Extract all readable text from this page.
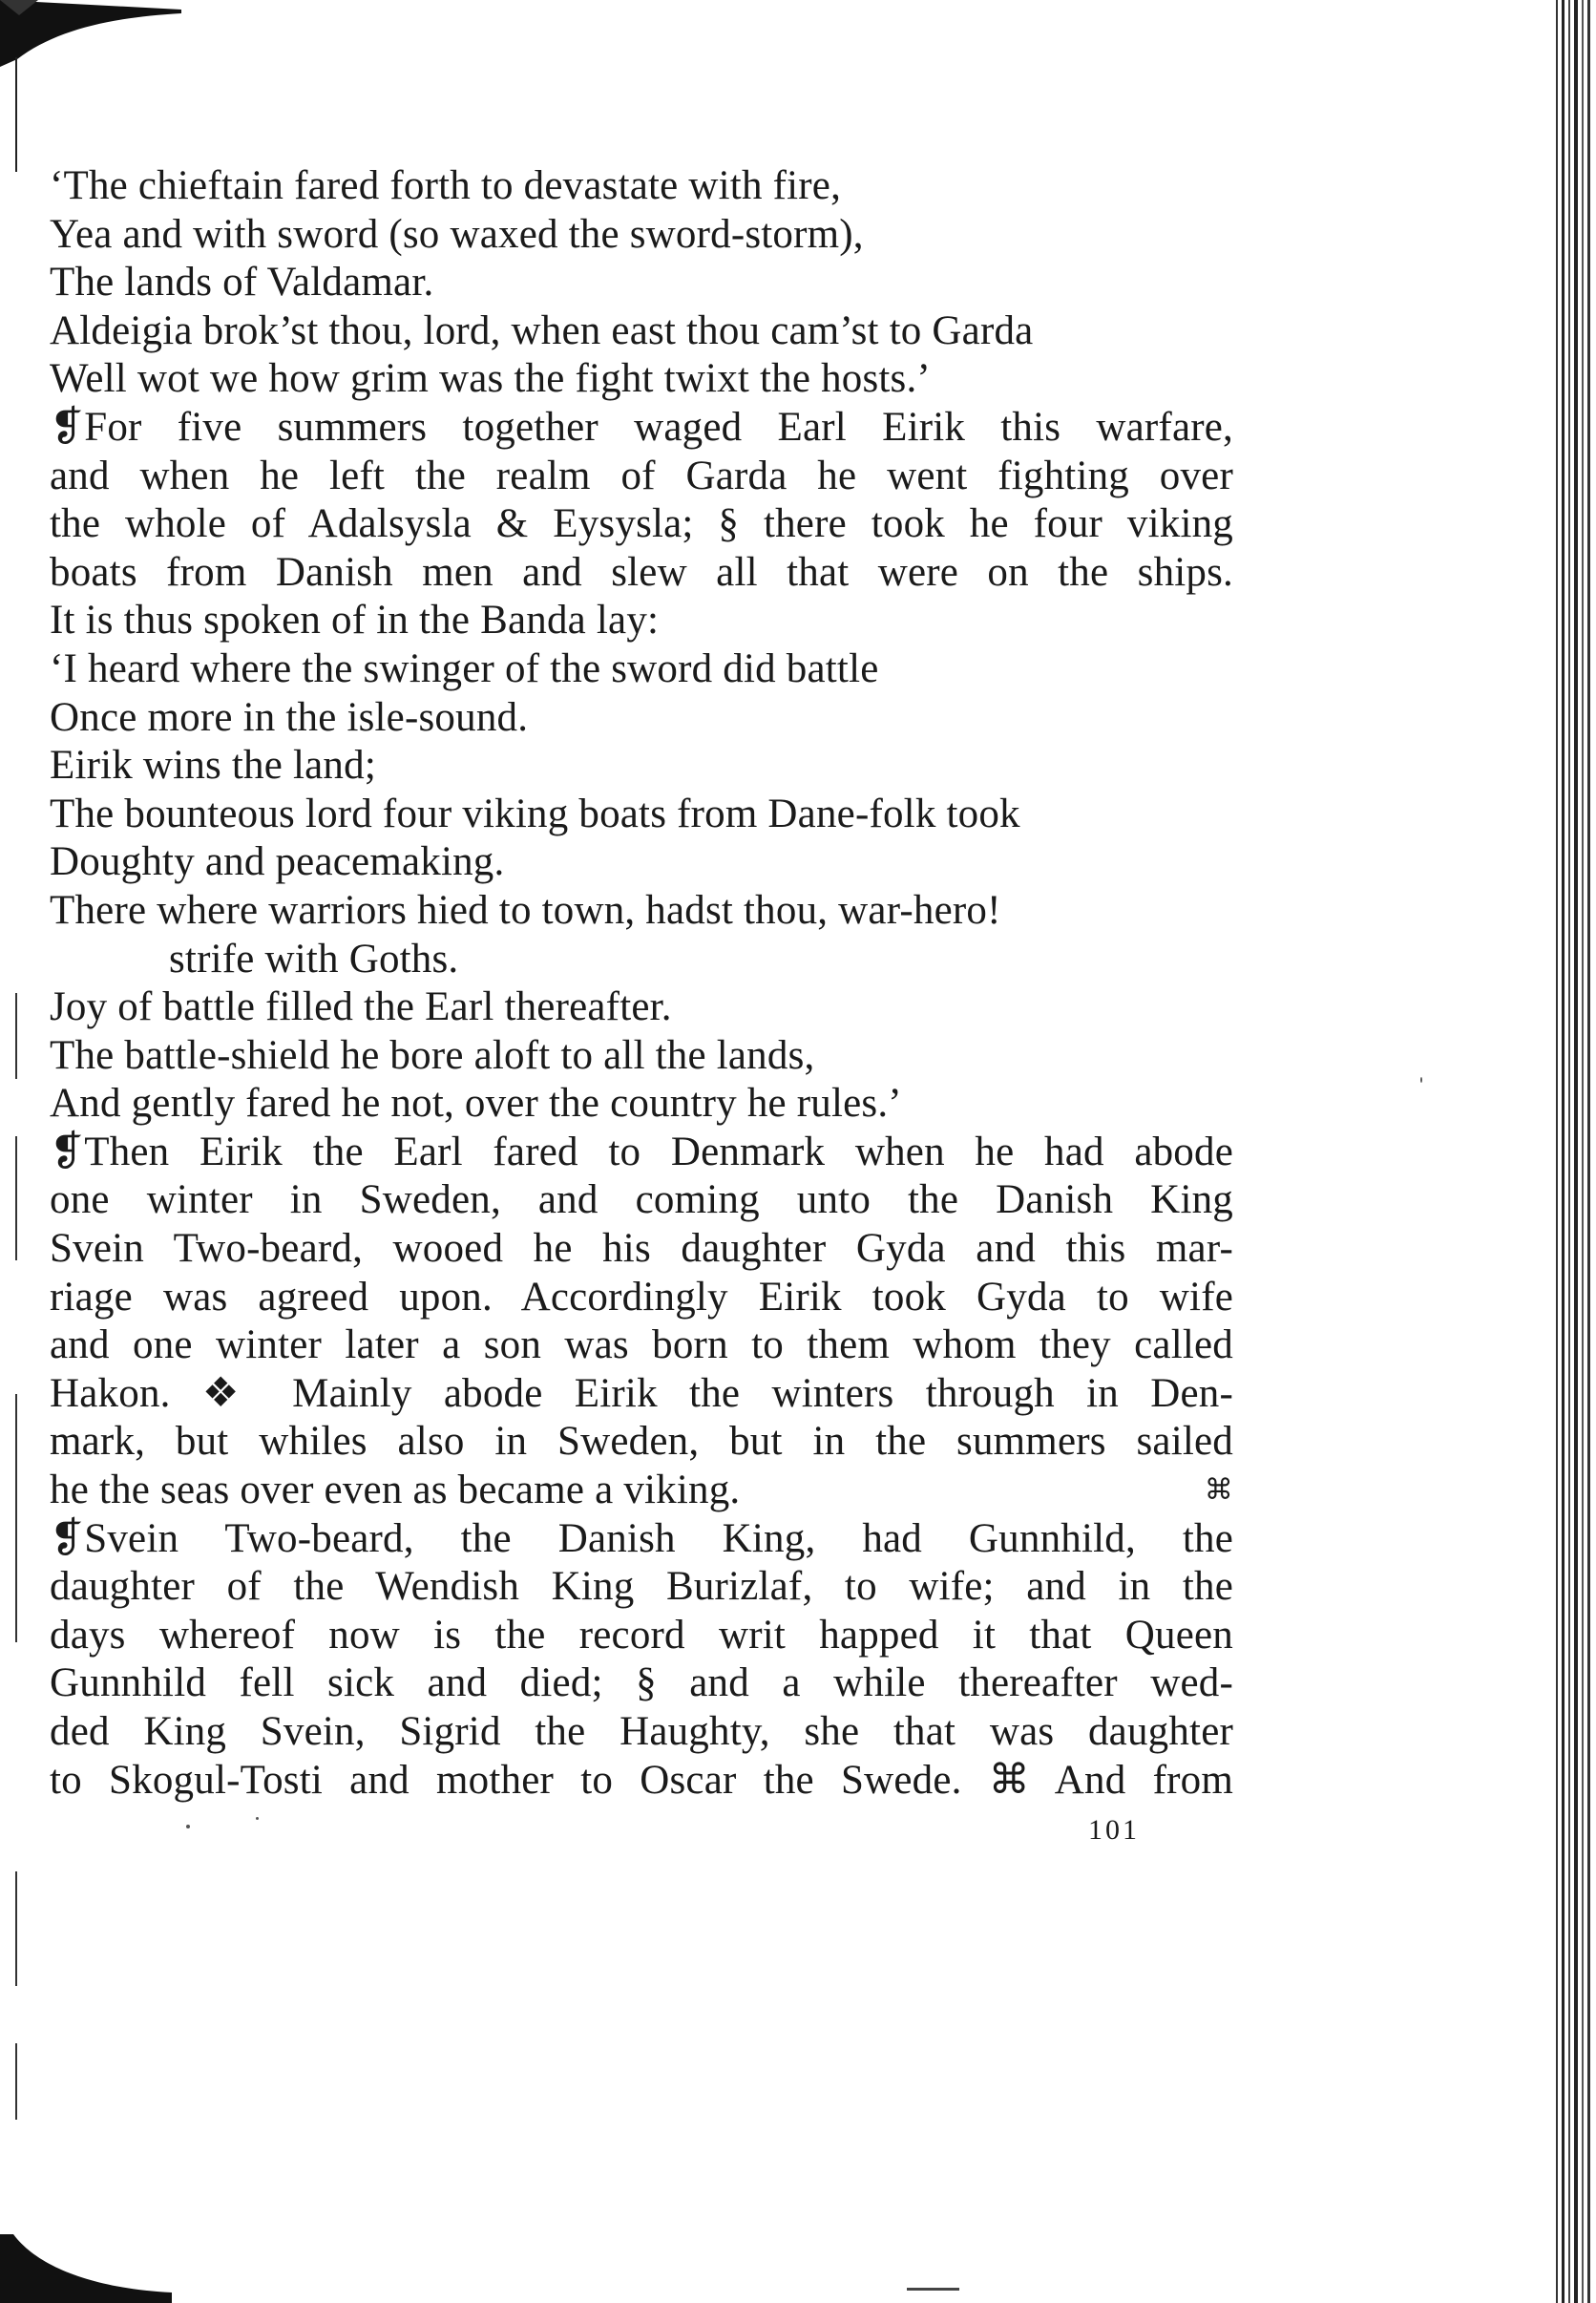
‘The chieftain fared forth to devastate with fire,
Yea and with sword (so waxed the sword-storm),
The lands of Valdamar.
Aldeigia brok’st thou, lord, when east thou cam’st to Garda
Well wot we how grim was the fight twixt the hosts.’
❡For five summers together waged Earl Eirik this warfare,
and when he left the realm of Garda he went fighting over
the whole of Adalsysla & Eysysla; § there took he four viking
boats from Danish men and slew all that were on the ships.
It is thus spoken of in the Banda lay:
‘I heard where the swinger of the sword did battle
Once more in the isle-sound.
Eirik wins the land;
The bounteous lord four viking boats from Dane-folk took
Doughty and peacemaking.
There where warriors hied to town, hadst thou, war-hero!
strife with Goths.
Joy of battle filled the Earl thereafter.
The battle-shield he bore aloft to all the lands,
And gently fared he not, over the country he rules.’
❡Then Eirik the Earl fared to Denmark when he had abode
one winter in Sweden, and coming unto the Danish King
Svein Two-beard, wooed he his daughter Gyda and this mar-
riage was agreed upon. Accordingly Eirik took Gyda to wife
and one winter later a son was born to them whom they called
Hakon. ❖ Mainly abode Eirik the winters through in Den-
mark, but whiles also in Sweden, but in the summers sailed
he the seas over even as became a viking.	⌘
❡Svein Two-beard, the Danish King, had Gunnhild, the
daughter of the Wendish King Burizlaf, to wife; and in the
days whereof now is the record writ happed it that Queen
Gunnhild fell sick and died; § and a while thereafter wed-
ded King Svein, Sigrid the Haughty, she that was daughter
to Skogul-Tosti and mother to Oscar the Swede. ⌘ And from
101
